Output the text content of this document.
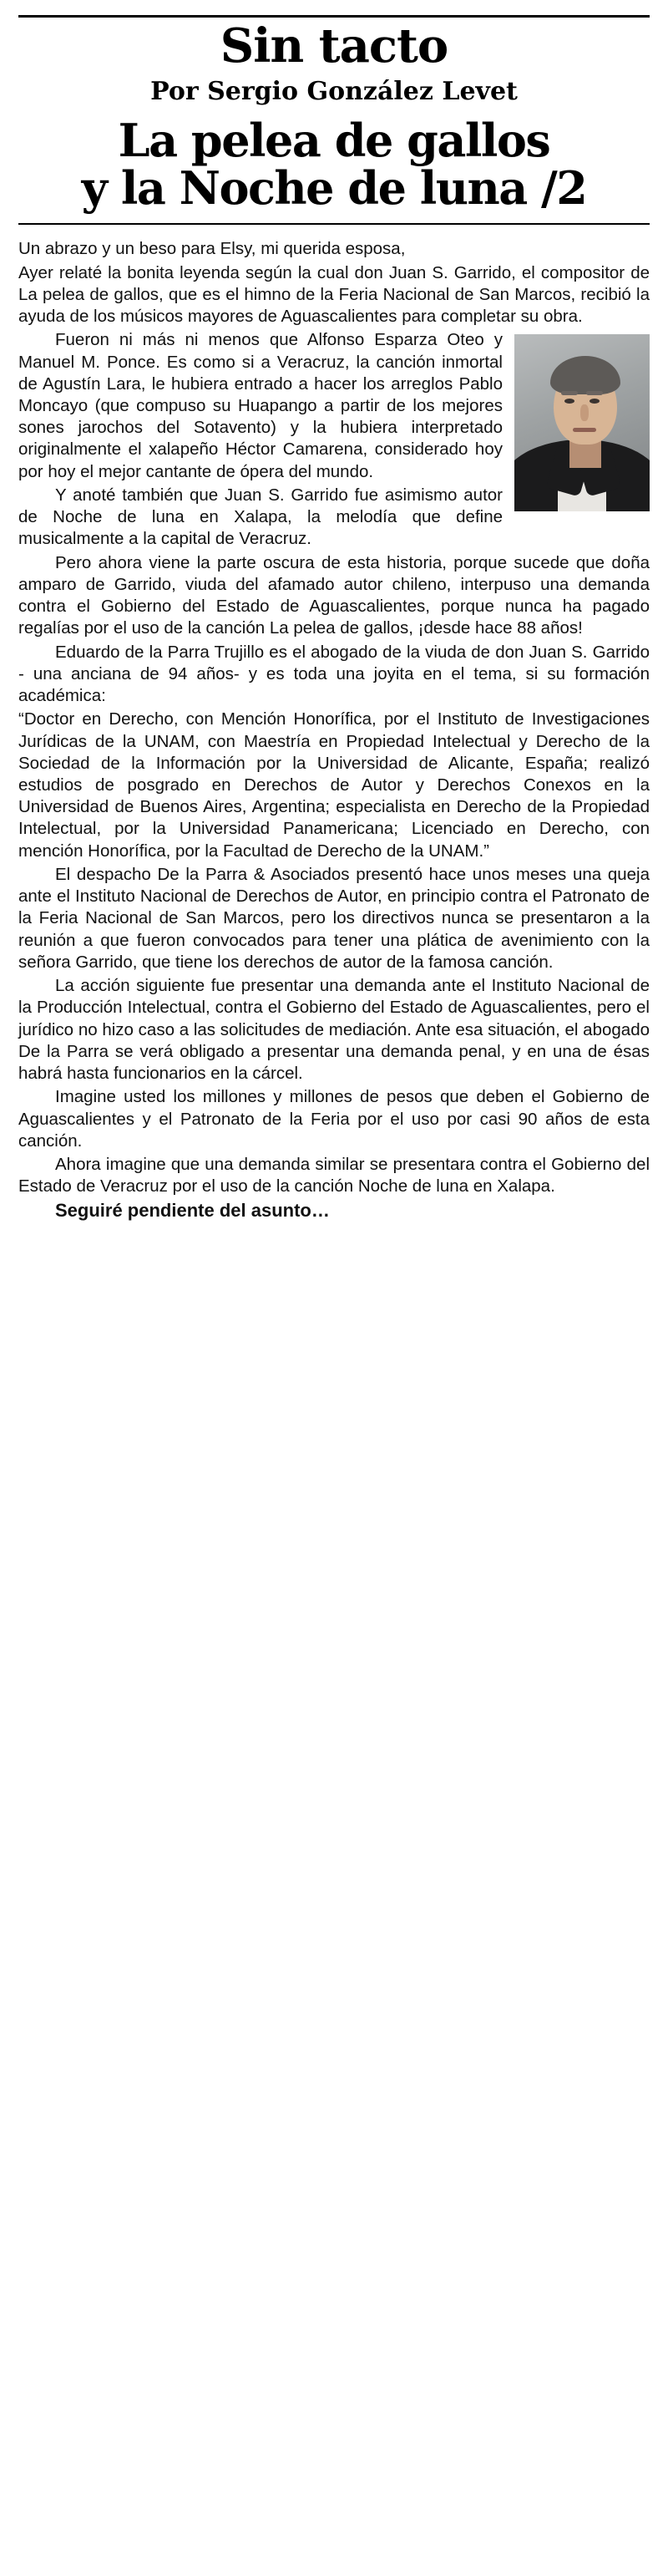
Sin tacto
Por Sergio González Levet
La pelea de gallos
y la Noche de luna /2

Un abrazo y un beso para Elsy, mi querida esposa,

Ayer relaté la bonita leyenda según la cual don Juan S. Garrido, el compositor de La pelea de gallos, que es el himno de la Feria Nacional de San Marcos, recibió la ayuda de los músicos mayores de Aguascalientes para completar su obra.

Fueron ni más ni menos que Alfonso Esparza Oteo y Manuel M. Ponce. Es como si a Veracruz, la canción inmortal de Agustín Lara, le hubiera entrado a hacer los arreglos Pablo Moncayo (que compuso su Huapango a partir de los mejores sones jarochos del Sotavento) y la hubiera interpretado originalmente el xalapeño Héctor Camarena, considerado hoy por hoy el mejor cantante de ópera del mundo.

Y anoté también que Juan S. Garrido fue asimismo autor de Noche de luna en Xalapa, la melodía que define musicalmente a la capital de Veracruz.

Pero ahora viene la parte oscura de esta historia, porque sucede que doña amparo de Garrido, viuda del afamado autor chileno, interpuso una demanda contra el Gobierno del Estado de Aguascalientes, porque nunca ha pagado regalías por el uso de la canción La pelea de gallos, ¡desde hace 88 años!

Eduardo de la Parra Trujillo es el abogado de la viuda de don Juan S. Garrido - una anciana de 94 años- y es toda una joyita en el tema, si su formación académica:

“Doctor en Derecho, con Mención Honorífica, por el Instituto de Investigaciones Jurídicas de la UNAM, con Maestría en Propiedad Intelectual y Derecho de la Sociedad de la Información por la Universidad de Alicante, España; realizó estudios de posgrado en Derechos de Autor y Derechos Conexos en la Universidad de Buenos Aires, Argentina; especialista en Derecho de la Propiedad Intelectual, por la Universidad Panamericana; Licenciado en Derecho, con mención Honorífica, por la Facultad de Derecho de la UNAM.”

El despacho De la Parra & Asociados presentó hace unos meses una queja ante el Instituto Nacional de Derechos de Autor, en principio contra el Patronato de la Feria Nacional de San Marcos, pero los directivos nunca se presentaron a la reunión a que fueron convocados para tener una plática de avenimiento con la señora Garrido, que tiene los derechos de autor de la famosa canción.

La acción siguiente fue presentar una demanda ante el Instituto Nacional de la Producción Intelectual, contra el Gobierno del Estado de Aguascalientes, pero el jurídico no hizo caso a las solicitudes de mediación. Ante esa situación, el abogado De la Parra se verá obligado a presentar una demanda penal, y en una de ésas habrá hasta funcionarios en la cárcel.

Imagine usted los millones y millones de pesos que deben el Gobierno de Aguascalientes y el Patronato de la Feria por el uso por casi 90 años de esta canción.

Ahora imagine que una demanda similar se presentara contra el Gobierno del Estado de Veracruz por el uso de la canción Noche de luna en Xalapa.

Seguiré pendiente del asunto…
